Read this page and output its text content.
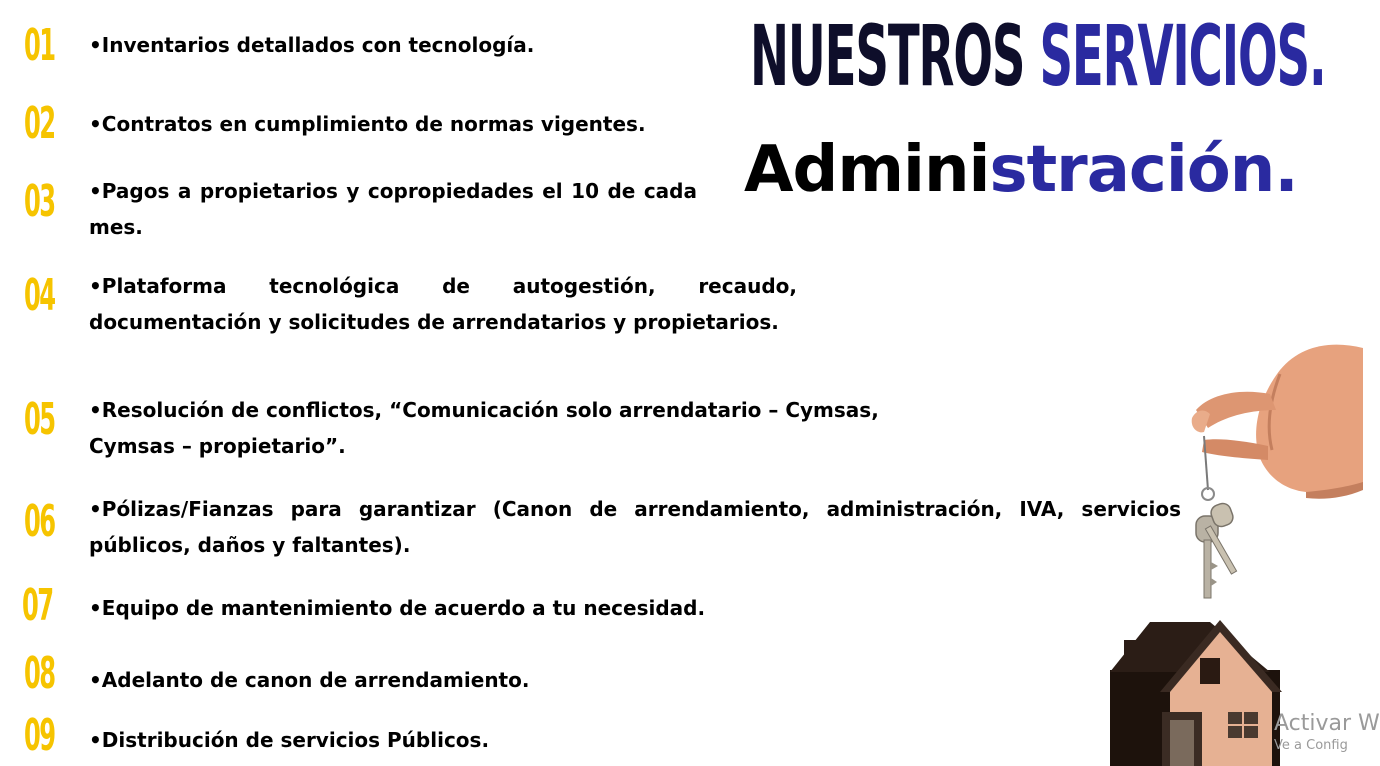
01
02
03
04
05
06
07
08
09

•Inventarios detallados con tecnología.

•Contratos en cumplimiento de normas vigentes.

•Pagos a propietarios y copropiedades el 10 de cada mes.

•Plataforma tecnológica de autogestión, recaudo, documentación y solicitudes de arrendatarios y propietarios.

•Resolución de conflictos, “Comunicación solo arrendatario – Cymsas, Cymsas – propietario”.

•Pólizas/Fianzas para garantizar (Canon de arrendamiento, administración, IVA, servicios públicos, daños y faltantes).

•Equipo de mantenimiento de acuerdo a tu necesidad.

•Adelanto de canon de arrendamiento.

•Distribución de servicios Públicos.

NUESTROS SERVICIOS.
Administración.
Activar W
Ve a Config
